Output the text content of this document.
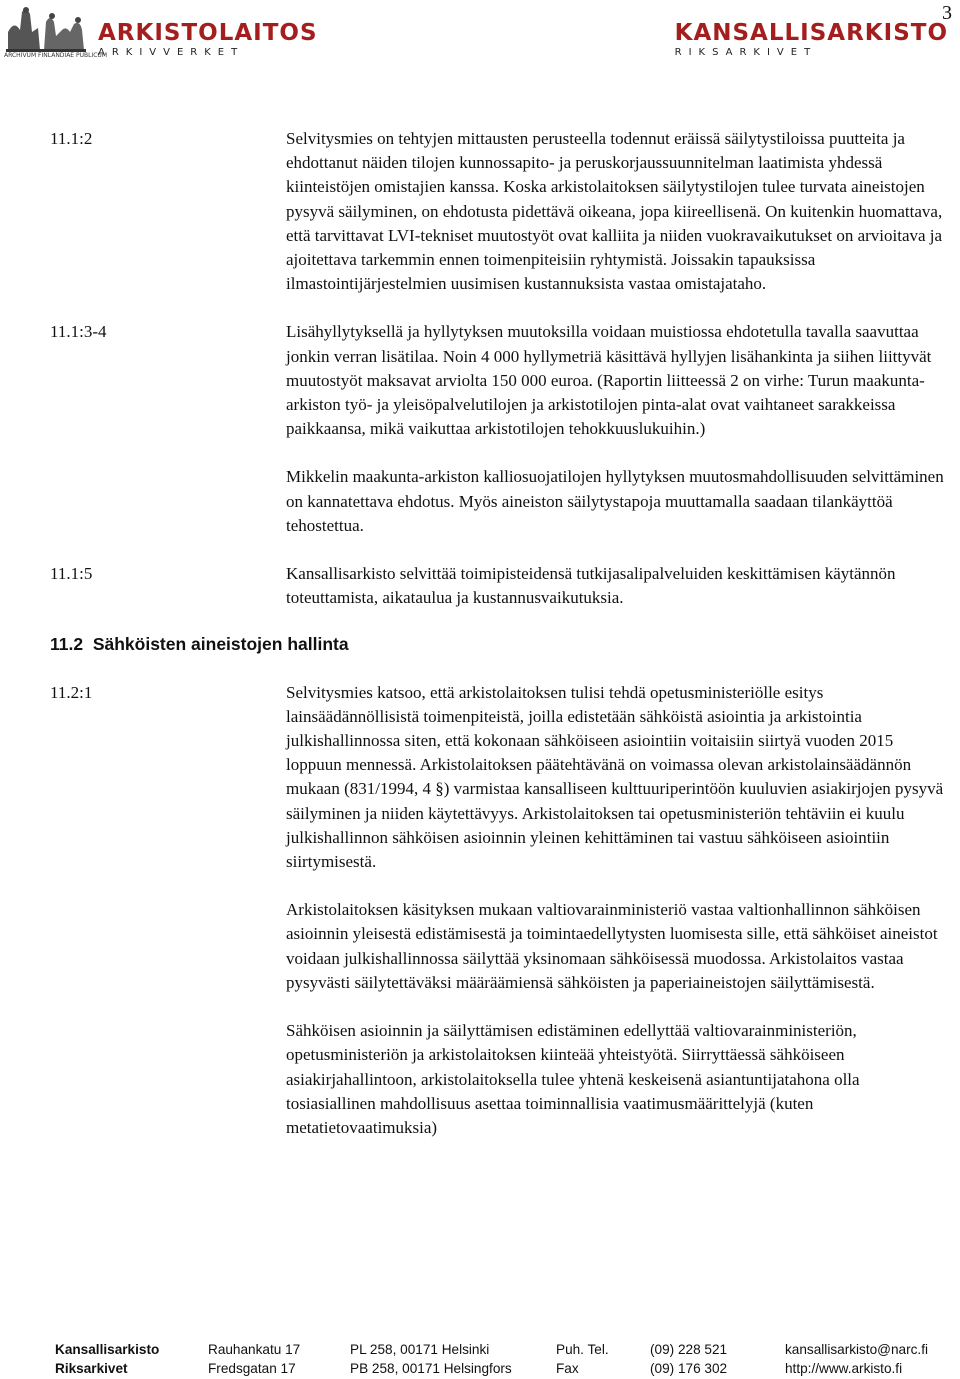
3
ARKISTOLAITOS
ARKIVVERKET
ARCHIVUM FINLANDIAE PUBLICUM
KANSALLISARKISTO
RIKSARKIVET
11.1:2	Selvitysmies on tehtyjen mittausten perusteella todennut eräissä säilytystiloissa puutteita ja ehdottanut näiden tilojen kunnossapito- ja peruskorjaussuunnitelman laatimista yhdessä kiinteistöjen omistajien kanssa. Koska arkistolaitoksen säilytystilojen tulee turvata aineistojen pysyvä säilyminen, on ehdotusta pidettävä oikeana, jopa kiireellisenä. On kuitenkin huomattava, että tarvittavat LVI-tekniset muutostyöt ovat kalliita ja niiden vuokravaikutukset on arvioitava ja ajoitettava tarkemmin ennen toimenpiteisiin ryhtymistä. Joissakin tapauksissa ilmastointijärjestelmien uusimisen kustannuksista vastaa omistajataho.

11.1:3-4	Lisähyllytyksellä ja hyllytyksen muutoksilla voidaan muistiossa ehdotetulla tavalla saavuttaa jonkin verran lisätilaa. Noin 4 000 hyllymetriä käsittävä hyllyjen lisähankinta ja siihen liittyvät muutostyöt maksavat arviolta 150 000 euroa. (Raportin liitteessä 2 on virhe: Turun maakunta-arkiston työ- ja yleisöpalvelutilojen ja arkistotilojen pinta-alat ovat vaihtaneet sarakkeissa paikkaansa, mikä vaikuttaa arkistotilojen tehokkuuslukuihin.)

Mikkelin maakunta-arkiston kalliosuojatilojen hyllytyksen muutosmahdollisuuden selvittäminen on kannatettava ehdotus. Myös aineiston säilytystapoja muuttamalla saadaan tilankäyttöä tehostettua.

11.1:5	Kansallisarkisto selvittää toimipisteidensä tutkijasalipalveluiden keskittämisen käytännön toteuttamista, aikataulua ja kustannusvaikutuksia.

11.2  Sähköisten aineistojen hallinta
11.2:1	Selvitysmies katsoo, että arkistolaitoksen tulisi tehdä opetusministeriölle esitys lainsäädännöllisistä toimenpiteistä, joilla edistetään sähköistä asiointia ja arkistointia julkishallinnossa siten, että kokonaan sähköiseen asiointiin voitaisiin siirtyä vuoden 2015 loppuun mennessä. Arkistolaitoksen päätehtävänä on voimassa olevan arkistolainsäädännön mukaan (831/1994, 4 §) varmistaa kansalliseen kulttuuriperintöön kuuluvien asiakirjojen pysyvä säilyminen ja niiden käytettävyys. Arkistolaitoksen tai opetusministeriön tehtäviin ei kuulu julkishallinnon sähköisen asioinnin yleinen kehittäminen tai vastuu sähköiseen asiointiin siirtymisestä.

Arkistolaitoksen käsityksen mukaan valtiovarainministeriö vastaa valtionhallinnon sähköisen asioinnin yleisestä edistämisestä ja toimintaedellytysten luomisesta sille, että sähköiset aineistot voidaan julkishallinnossa säilyttää yksinomaan sähköisessä muodossa. Arkistolaitos vastaa pysyvästi säilytettäväksi määräämiensä sähköisten ja paperiaineistojen säilyttämisestä.

Sähköisen asioinnin ja säilyttämisen edistäminen edellyttää valtiovarainministeriön, opetusministeriön ja arkistolaitoksen kiinteää yhteistyötä. Siirryttäessä sähköiseen asiakirjahallintoon, arkistolaitoksella tulee yhtenä keskeisenä asiantuntijatahona olla tosiasiallinen mahdollisuus asettaa toiminnallisia vaatimusmäärittelyjä (kuten metatietovaatimuksia)

Kansallisarkisto	Rauhankatu 17	PL 258, 00171 Helsinki	Puh. Tel.	(09) 228 521	kansallisarkisto@narc.fi
Riksarkivet	Fredsgatan 17	PB 258, 00171 Helsingfors	Fax	(09) 176 302	http://www.arkisto.fi
